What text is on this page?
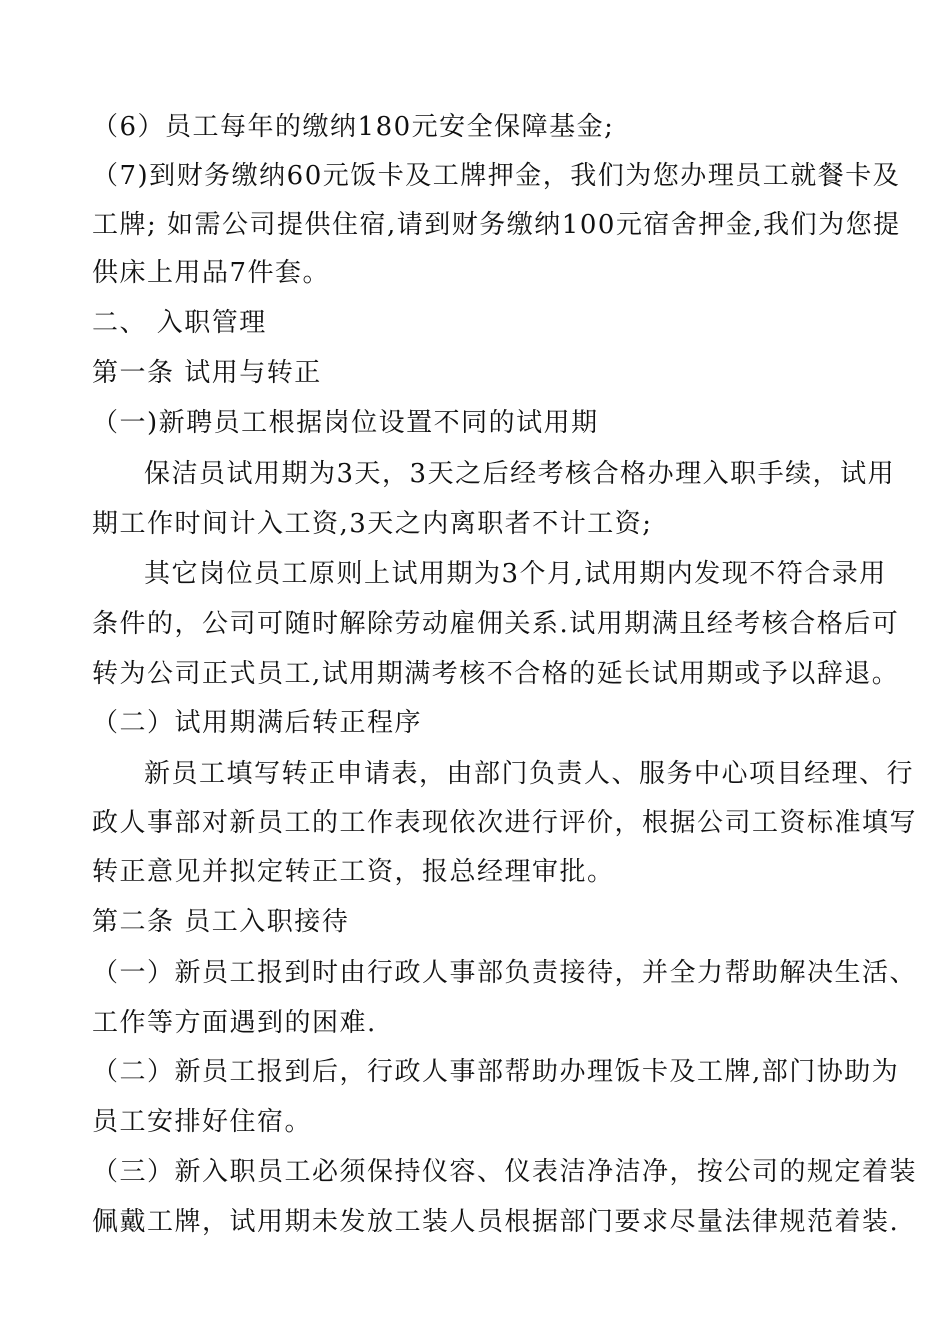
（6）员工每年的缴纳180元安全保障基金;
（7)到财务缴纳60元饭卡及工牌押金，我们为您办理员工就餐卡及
工牌; 如需公司提供住宿,请到财务缴纳100元宿舍押金,我们为您提
供床上用品7件套。
二、 入职管理
第一条 试用与转正
（一)新聘员工根据岗位设置不同的试用期
保洁员试用期为3天，3天之后经考核合格办理入职手续，试用
期工作时间计入工资,3天之内离职者不计工资;
其它岗位员工原则上试用期为3个月,试用期内发现不符合录用
条件的，公司可随时解除劳动雇佣关系.试用期满且经考核合格后可
转为公司正式员工,试用期满考核不合格的延长试用期或予以辞退。
（二）试用期满后转正程序
新员工填写转正申请表，由部门负责人、服务中心项目经理、行
政人事部对新员工的工作表现依次进行评价，根据公司工资标准填写
转正意见并拟定转正工资，报总经理审批。
第二条 员工入职接待
（一）新员工报到时由行政人事部负责接待，并全力帮助解决生活、
工作等方面遇到的困难.
（二）新员工报到后，行政人事部帮助办理饭卡及工牌,部门协助为
员工安排好住宿。
（三）新入职员工必须保持仪容、仪表洁净洁净，按公司的规定着装
佩戴工牌，试用期未发放工装人员根据部门要求尽量法律规范着装.
